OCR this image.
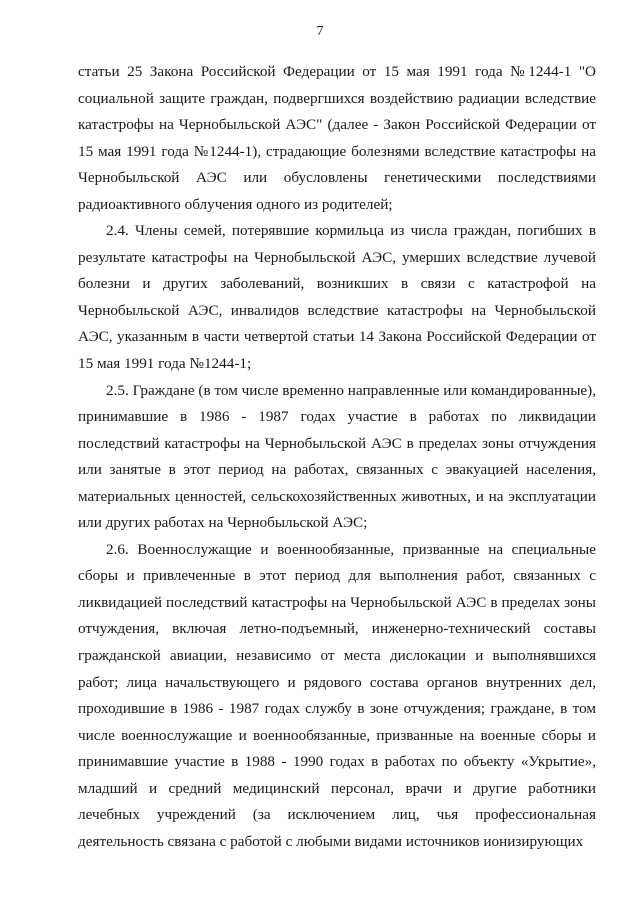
7

статьи 25 Закона Российской Федерации от 15 мая 1991 года №1244-1 "О социальной защите граждан, подвергшихся воздействию радиации вследствие катастрофы на Чернобыльской АЭС" (далее - Закон Российской Федерации от 15 мая 1991 года №1244-1), страдающие болезнями вследствие катастрофы на Чернобыльской АЭС или обусловлены генетическими последствиями радиоактивного облучения одного из родителей;

2.4. Члены семей, потерявшие кормильца из числа граждан, погибших в результате катастрофы на Чернобыльской АЭС, умерших вследствие лучевой болезни и других заболеваний, возникших в связи с катастрофой на Чернобыльской АЭС, инвалидов вследствие катастрофы на Чернобыльской АЭС, указанным в части четвертой статьи 14 Закона Российской Федерации от 15 мая 1991 года №1244-1;

2.5. Граждане (в том числе временно направленные или командированные), принимавшие в 1986 - 1987 годах участие в работах по ликвидации последствий катастрофы на Чернобыльской АЭС в пределах зоны отчуждения или занятые в этот период на работах, связанных с эвакуацией населения, материальных ценностей, сельскохозяйственных животных, и на эксплуатации или других работах на Чернобыльской АЭС;

2.6. Военнослужащие и военнообязанные, призванные на специальные сборы и привлеченные в этот период для выполнения работ, связанных с ликвидацией последствий катастрофы на Чернобыльской АЭС в пределах зоны отчуждения, включая летно-подъемный, инженерно-технический составы гражданской авиации, независимо от места дислокации и выполнявшихся работ; лица начальствующего и рядового состава органов внутренних дел, проходившие в 1986 - 1987 годах службу в зоне отчуждения; граждане, в том числе военнослужащие и военнообязанные, призванные на военные сборы и принимавшие участие в 1988 - 1990 годах в работах по объекту «Укрытие», младший и средний медицинский персонал, врачи и другие работники лечебных учреждений (за исключением лиц, чья профессиональная деятельность связана с работой с любыми видами источников ионизирующих
